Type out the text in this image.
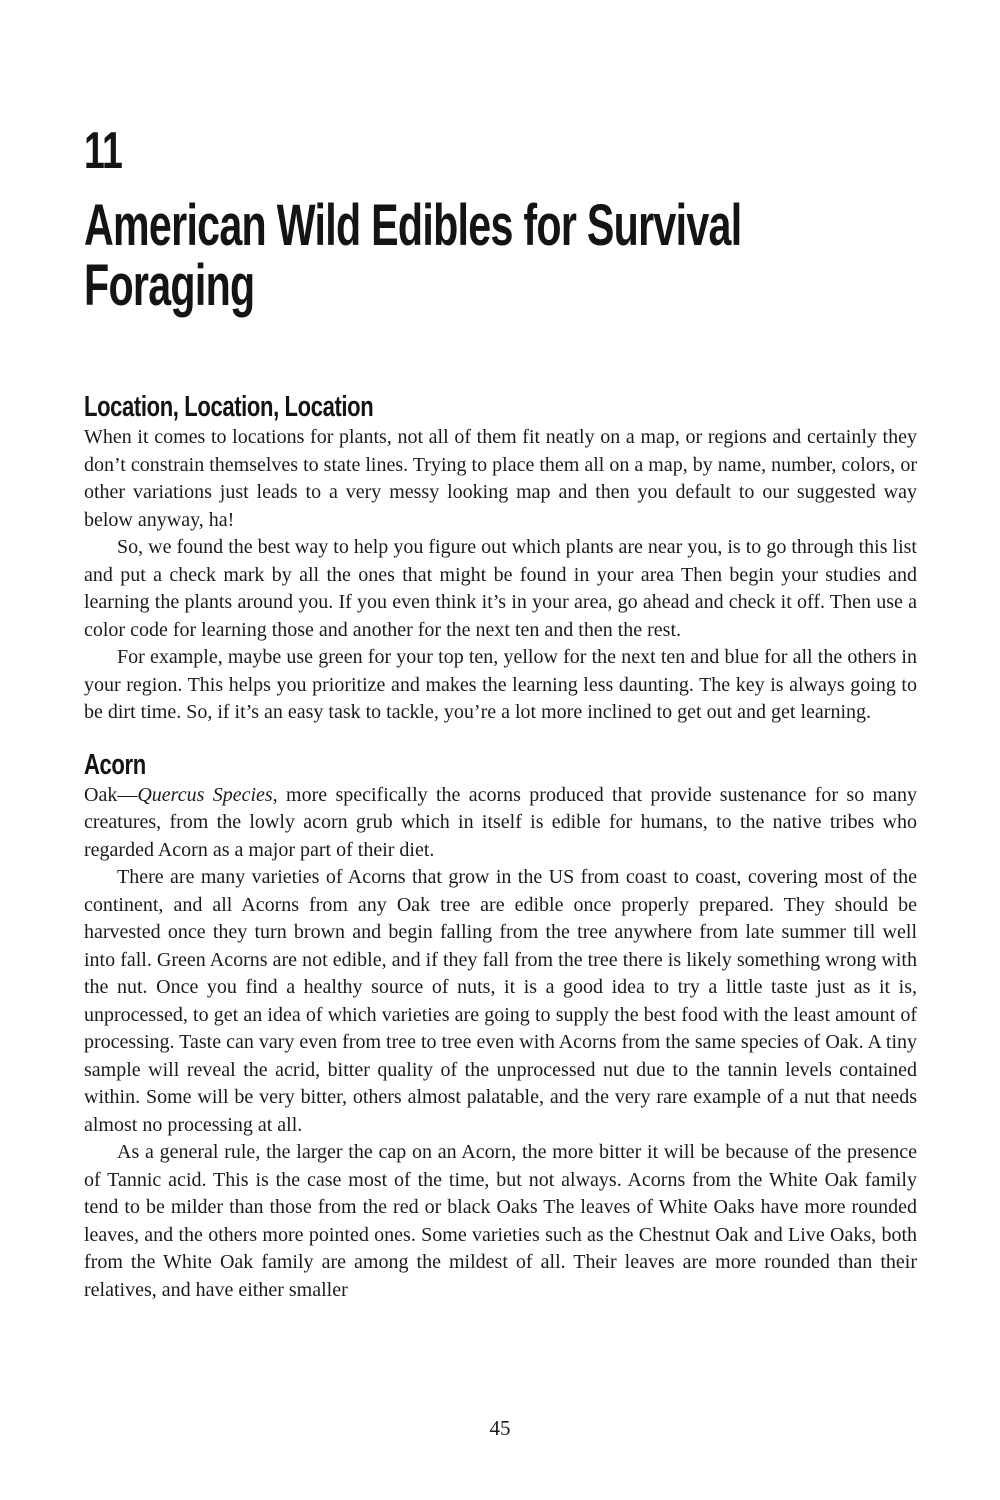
11
American Wild Edibles for Survival Foraging
Location, Location, Location

When it comes to locations for plants, not all of them fit neatly on a map, or regions and certainly they don’t constrain themselves to state lines. Trying to place them all on a map, by name, number, colors, or other variations just leads to a very messy looking map and then you default to our suggested way below anyway, ha!

So, we found the best way to help you figure out which plants are near you, is to go through this list and put a check mark by all the ones that might be found in your area Then begin your studies and learning the plants around you. If you even think it’s in your area, go ahead and check it off. Then use a color code for learning those and another for the next ten and then the rest.

For example, maybe use green for your top ten, yellow for the next ten and blue for all the others in your region. This helps you prioritize and makes the learning less daunting. The key is always going to be dirt time. So, if it’s an easy task to tackle, you’re a lot more inclined to get out and get learning.

Acorn

Oak—Quercus Species, more specifically the acorns produced that provide sustenance for so many creatures, from the lowly acorn grub which in itself is edible for humans, to the native tribes who regarded Acorn as a major part of their diet.

There are many varieties of Acorns that grow in the US from coast to coast, covering most of the continent, and all Acorns from any Oak tree are edible once properly prepared. They should be harvested once they turn brown and begin falling from the tree anywhere from late summer till well into fall. Green Acorns are not edible, and if they fall from the tree there is likely something wrong with the nut. Once you find a healthy source of nuts, it is a good idea to try a little taste just as it is, unprocessed, to get an idea of which varieties are going to supply the best food with the least amount of processing. Taste can vary even from tree to tree even with Acorns from the same species of Oak. A tiny sample will reveal the acrid, bitter quality of the unprocessed nut due to the tannin levels contained within. Some will be very bitter, others almost palatable, and the very rare example of a nut that needs almost no processing at all.

As a general rule, the larger the cap on an Acorn, the more bitter it will be because of the presence of Tannic acid. This is the case most of the time, but not always. Acorns from the White Oak family tend to be milder than those from the red or black Oaks The leaves of White Oaks have more rounded leaves, and the others more pointed ones. Some varieties such as the Chestnut Oak and Live Oaks, both from the White Oak family are among the mildest of all. Their leaves are more rounded than their relatives, and have either smaller

45
